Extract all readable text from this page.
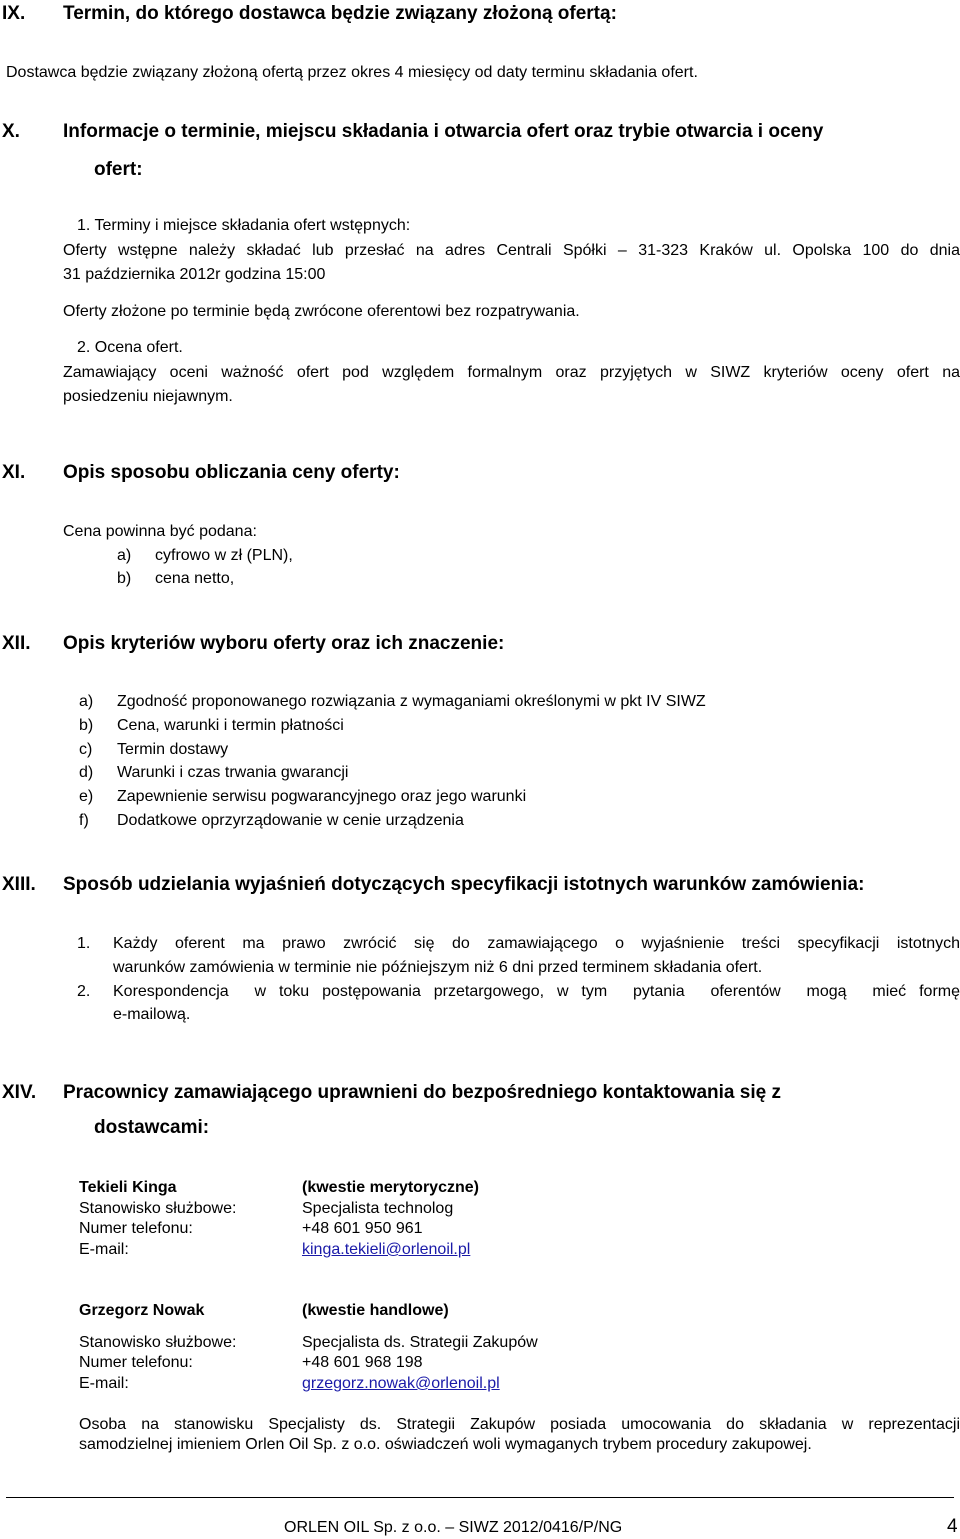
IX. Termin, do którego dostawca będzie związany złożoną ofertą:
Dostawca będzie związany złożoną ofertą przez okres 4 miesięcy od daty terminu składania ofert.
X. Informacje o terminie, miejscu składania i otwarcia ofert oraz trybie otwarcia i oceny
ofert:
1. Terminy i miejsce składania ofert wstępnych:
Oferty wstępne należy składać lub przesłać na adres Centrali Spółki – 31-323 Kraków ul. Opolska 100 do dnia
31 października 2012r godzina 15:00
Oferty złożone po terminie będą zwrócone oferentowi bez rozpatrywania.
2. Ocena ofert.
Zamawiający oceni ważność ofert pod względem formalnym oraz przyjętych w SIWZ kryteriów oceny ofert na
posiedzeniu niejawnym.
XI. Opis sposobu obliczania ceny oferty:
Cena powinna być podana:
a) cyfrowo w zł (PLN),
b) cena netto,
XII. Opis kryteriów wyboru oferty oraz ich znaczenie:
a) Zgodność proponowanego rozwiązania z wymaganiami określonymi w pkt IV SIWZ
b) Cena, warunki i termin płatności
c) Termin dostawy
d) Warunki i czas trwania gwarancji
e) Zapewnienie serwisu pogwarancyjnego oraz jego warunki
f) Dodatkowe oprzyrządowanie w cenie urządzenia
XIII. Sposób udzielania wyjaśnień dotyczących specyfikacji istotnych warunków zamówienia:
1. Każdy oferent ma prawo zwrócić się do zamawiającego o wyjaśnienie treści specyfikacji istotnych
warunków zamówienia w terminie nie późniejszym niż 6 dni przed terminem składania ofert.
2. Korespondencja  w toku postępowania przetargowego, w tym  pytania  oferentów  mogą  mieć formę
e-mailową.
XIV. Pracownicy zamawiającego uprawnieni do bezpośredniego kontaktowania się z
dostawcami:
Tekieli Kinga	(kwestie merytoryczne)
Stanowisko służbowe:	Specjalista technolog
Numer telefonu:	+48 601 950 961
E-mail:	kinga.tekieli@orlenoil.pl
Grzegorz Nowak	(kwestie handlowe)
Stanowisko służbowe:	Specjalista ds. Strategii Zakupów
Numer telefonu:	+48 601 968 198
E-mail:	grzegorz.nowak@orlenoil.pl
Osoba na stanowisku Specjalisty ds. Strategii Zakupów posiada umocowania do składania w reprezentacji
samodzielnej imieniem Orlen Oil Sp. z o.o. oświadczeń woli wymaganych trybem procedury zakupowej.
ORLEN OIL Sp. z o.o. – SIWZ 2012/0416/P/NG	4
